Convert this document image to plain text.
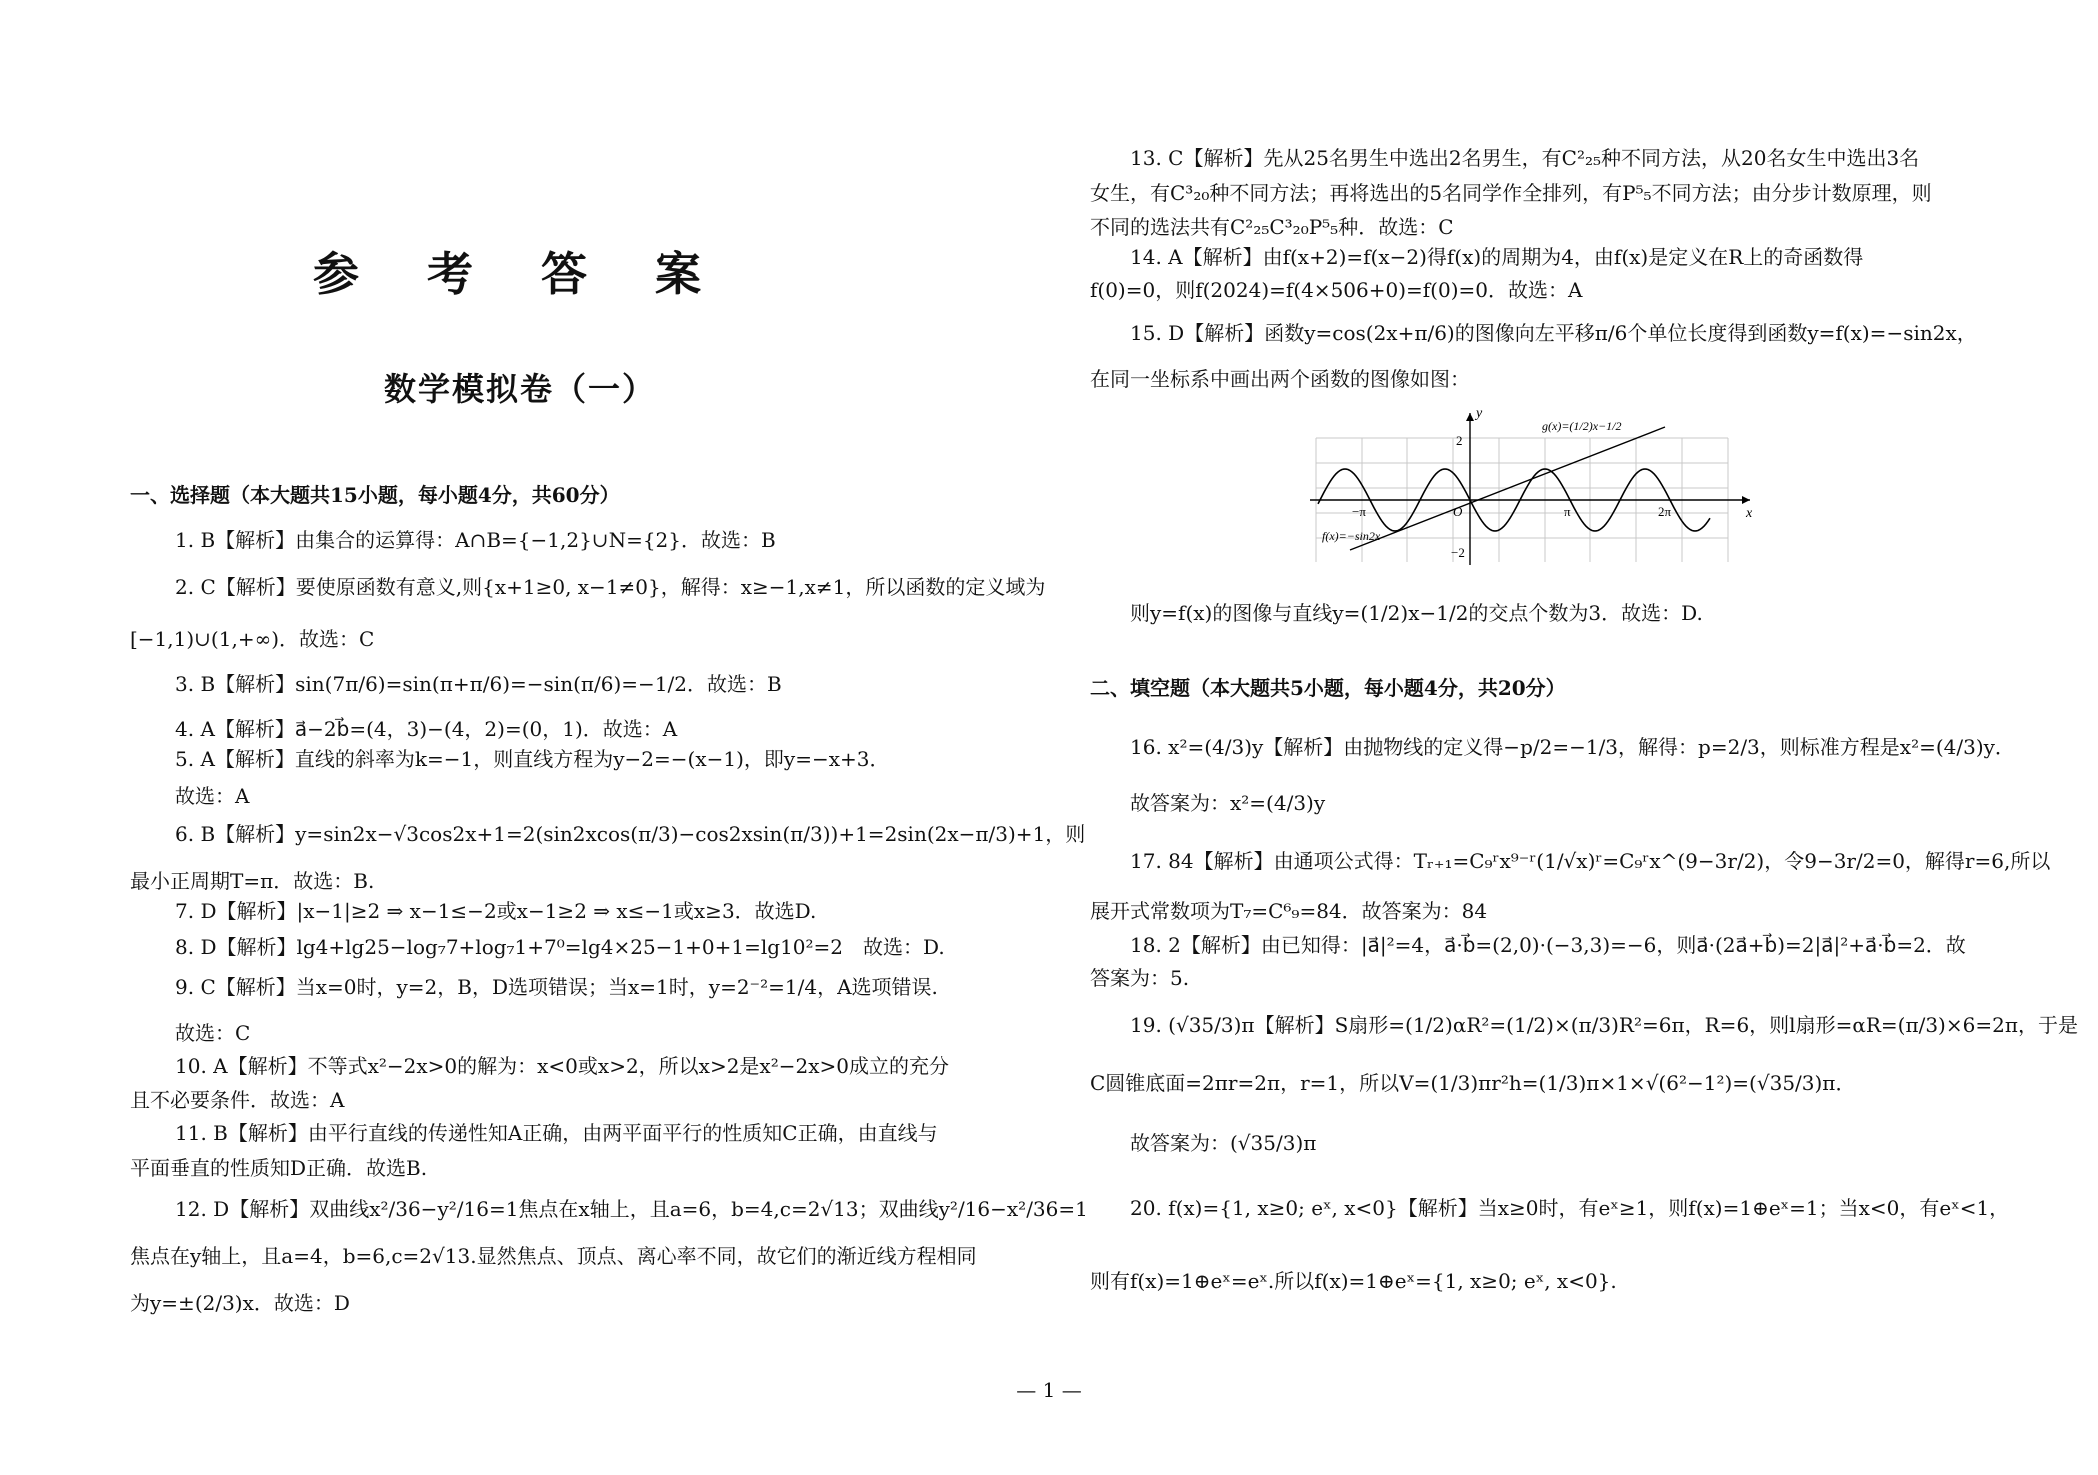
参 考 答 案
数学模拟卷（一）
一、选择题（本大题共15小题，每小题4分，共60分）
1. B【解析】由集合的运算得：A∩B={−1,2}∪N={2}．故选：B
2. C【解析】要使原函数有意义,则{x+1≥0, x−1≠0}，解得：x≥−1,x≠1，所以函数的定义域为
[−1,1)∪(1,+∞)．故选：C
3. B【解析】sin(7π/6)=sin(π+π/6)=−sin(π/6)=−1/2．故选：B
4. A【解析】a⃗−2b⃗=(4，3)−(4，2)=(0，1)．故选：A
5. A【解析】直线的斜率为k=−1，则直线方程为y−2=−(x−1)，即y=−x+3．
故选：A
6. B【解析】y=sin2x−√3cos2x+1=2(sin2xcos(π/3)−cos2xsin(π/3))+1=2sin(2x−π/3)+1，则
最小正周期T=π．故选：B.
7. D【解析】|x−1|≥2 ⇒ x−1≤−2或x−1≥2 ⇒ x≤−1或x≥3．故选D.
8. D【解析】lg4+lg25−log₇7+log₇1+7⁰=lg4×25−1+0+1=lg10²=2　故选：D.
9. C【解析】当x=0时，y=2，B，D选项错误；当x=1时，y=2⁻²=1/4，A选项错误.
故选：C
10. A【解析】不等式x²−2x>0的解为：x<0或x>2，所以x>2是x²−2x>0成立的充分
且不必要条件．故选：A
11. B【解析】由平行直线的传递性知A正确，由两平面平行的性质知C正确，由直线与
平面垂直的性质知D正确．故选B.
12. D【解析】双曲线x²/36−y²/16=1焦点在x轴上，且a=6，b=4,c=2√13；双曲线y²/16−x²/36=1
焦点在y轴上，且a=4，b=6,c=2√13.显然焦点、顶点、离心率不同，故它们的渐近线方程相同
为y=±(2/3)x．故选：D
13. C【解析】先从25名男生中选出2名男生，有C²₂₅种不同方法，从20名女生中选出3名
女生，有C³₂₀种不同方法；再将选出的5名同学作全排列，有P⁵₅不同方法；由分步计数原理，则
不同的选法共有C²₂₅C³₂₀P⁵₅种．故选：C
14. A【解析】由f(x+2)=f(x−2)得f(x)的周期为4，由f(x)是定义在R上的奇函数得
f(0)=0，则f(2024)=f(4×506+0)=f(0)=0．故选：A
15. D【解析】函数y=cos(2x+π/6)的图像向左平移π/6个单位长度得到函数y=f(x)=−sin2x，
在同一坐标系中画出两个函数的图像如图：
−π	O	π	2π
2
−2
x
y
g(x)=(1/2)x−1/2
f(x)=−sin2x
则y=f(x)的图像与直线y=(1/2)x−1/2的交点个数为3．故选：D.
二、填空题（本大题共5小题，每小题4分，共20分）
16. x²=(4/3)y【解析】由抛物线的定义得−p/2=−1/3，解得：p=2/3，则标准方程是x²=(4/3)y．
故答案为：x²=(4/3)y
17. 84【解析】由通项公式得：Tᵣ₊₁=C₉ʳx⁹⁻ʳ(1/√x)ʳ=C₉ʳx^(9−3r/2)，令9−3r/2=0，解得r=6,所以
展开式常数项为T₇=C⁶₉=84．故答案为：84
18. 2【解析】由已知得：|a⃗|²=4，a⃗·b⃗=(2,0)·(−3,3)=−6，则a⃗·(2a⃗+b⃗)=2|a⃗|²+a⃗·b⃗=2．故
答案为：5.
19. (√35/3)π【解析】S扇形=(1/2)αR²=(1/2)×(π/3)R²=6π，R=6，则l扇形=αR=(π/3)×6=2π，于是
C圆锥底面=2πr=2π，r=1，所以V=(1/3)πr²h=(1/3)π×1×√(6²−1²)=(√35/3)π．
故答案为：(√35/3)π
20. f(x)={1, x≥0; eˣ, x<0}【解析】当x≥0时，有eˣ≥1，则f(x)=1⊕eˣ=1；当x<0，有eˣ<1，
则有f(x)=1⊕eˣ=eˣ.所以f(x)=1⊕eˣ={1, x≥0; eˣ, x<0}.
— 1 —
